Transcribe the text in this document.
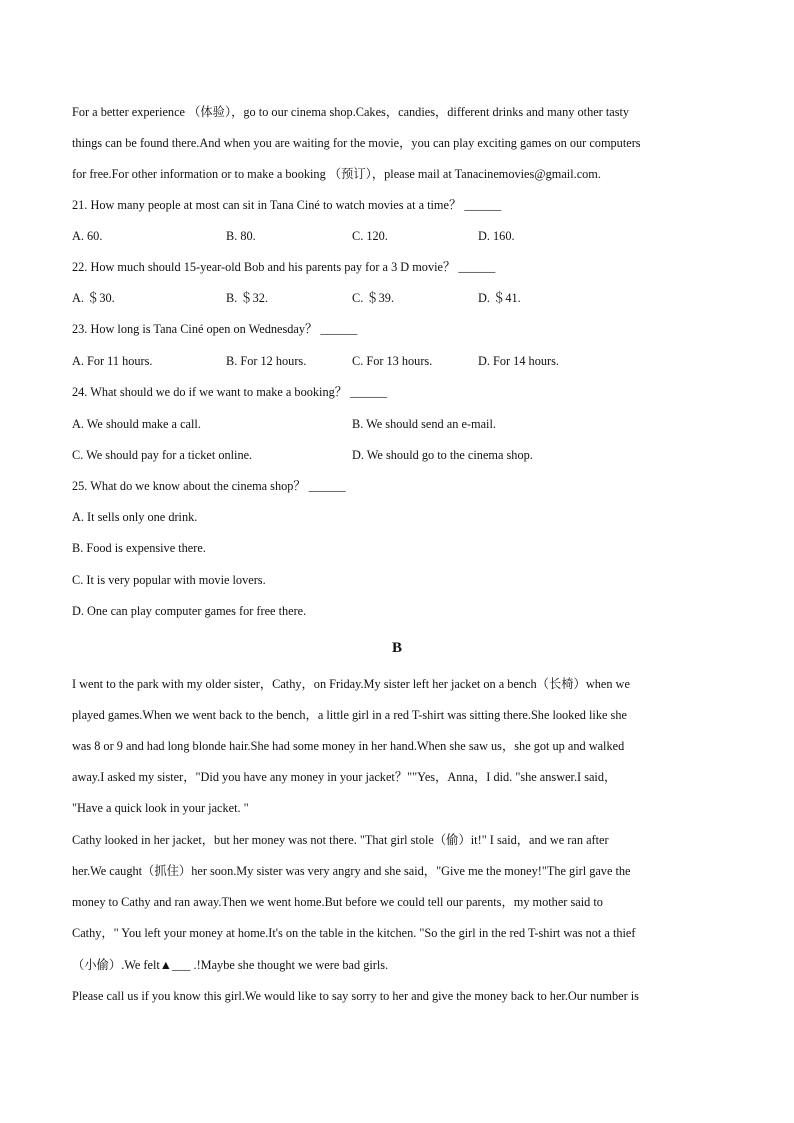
For a better experience （体验），go to our cinema shop.Cakes，candies，different drinks and many other tasty
things can be found there.And when you are waiting for the movie，you can play exciting games on our computers
for free.For other information or to make a booking （预订），please mail at Tanacinemovies@gmail.com.
21. How many people at most can sit in Tana Ciné to watch movies at a time？ ______
A. 60.	B. 80.	C. 120.	D. 160.
22. How much should 15-year-old Bob and his parents pay for a 3 D movie？ ______
A. ＄30.	B. ＄32.	C. ＄39.	D. ＄41.
23. How long is Tana Ciné open on Wednesday？ ______
A. For 11 hours.	B. For 12 hours.	C. For 13 hours.	D. For 14 hours.
24. What should we do if we want to make a booking？ ______
A. We should make a call.	B. We should send an e-mail.
C. We should pay for a ticket online.	D. We should go to the cinema shop.
25. What do we know about the cinema shop？ ______
A. It sells only one drink.
B. Food is expensive there.
C. It is very popular with movie lovers.
D. One can play computer games for free there.
B
I went to the park with my older sister，Cathy，on Friday.My sister left her jacket on a bench（长椅）when we
played games.When we went back to the bench，a little girl in a red T-shirt was sitting there.She looked like she
was 8 or 9 and had long blonde hair.She had some money in her hand.When she saw us，she got up and walked
away.I asked my sister，"Did you have any money in your jacket？""Yes，Anna，I did. "she answer.I said，
"Have a quick look in your jacket. "
Cathy looked in her jacket，but her money was not there. "That girl stole（偷）it!" I said，and we ran after
her.We caught（抓住）her soon.My sister was very angry and she said，"Give me the money!"The girl gave the
money to Cathy and ran away.Then we went home.But before we could tell our parents，my mother said to
Cathy，" You left your money at home.It's on the table in the kitchen. "So the girl in the red T-shirt was not a thief
（小偷）.We felt▲___ .!Maybe she thought we were bad girls.
Please call us if you know this girl.We would like to say sorry to her and give the money back to her.Our number is
